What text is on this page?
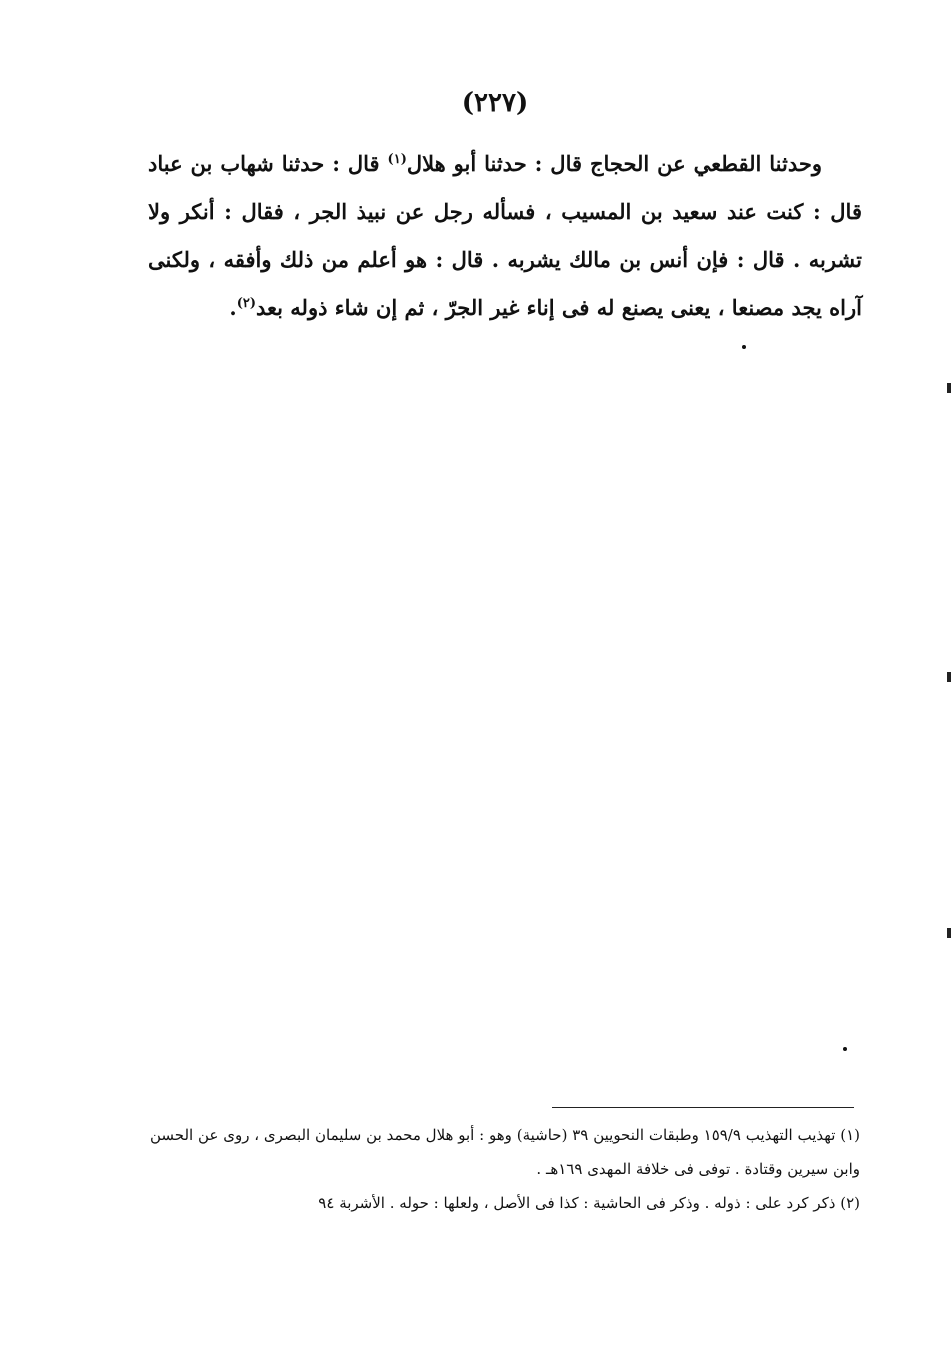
(٢٢٧)

وحدثنا القطعي عن الحجاج قال : حدثنا أبو هلال$^{(١)}$ قال : حدثنا شهاب بن عباد قال : كنت عند سعيد بن المسيب ، فسأله رجل عن نبيذ الجر ، فقال : أنكر ولا تشربه . قال : فإن أنس بن مالك يشربه . قال : هو أعلم من ذلك وأفقه ، ولكنى آراه يجد مصنعا ، يعنى يصنع له فى إناء غير الجرّ ، ثم إن شاء ذوله بعد$^{(٢)}$.

(١) تهذيب التهذيب ١٥٩/٩ وطبقات النحويين ٣٩ (حاشية) وهو : أبو هلال محمد بن سليمان البصرى ، روى عن الحسن وابن سيرين وقتادة . توفى فى خلافة المهدى ١٦٩هـ .

(٢) ذكر كرد على : ذوله . وذكر فى الحاشية : كذا فى الأصل ، ولعلها : حوله . الأشربة ٩٤
